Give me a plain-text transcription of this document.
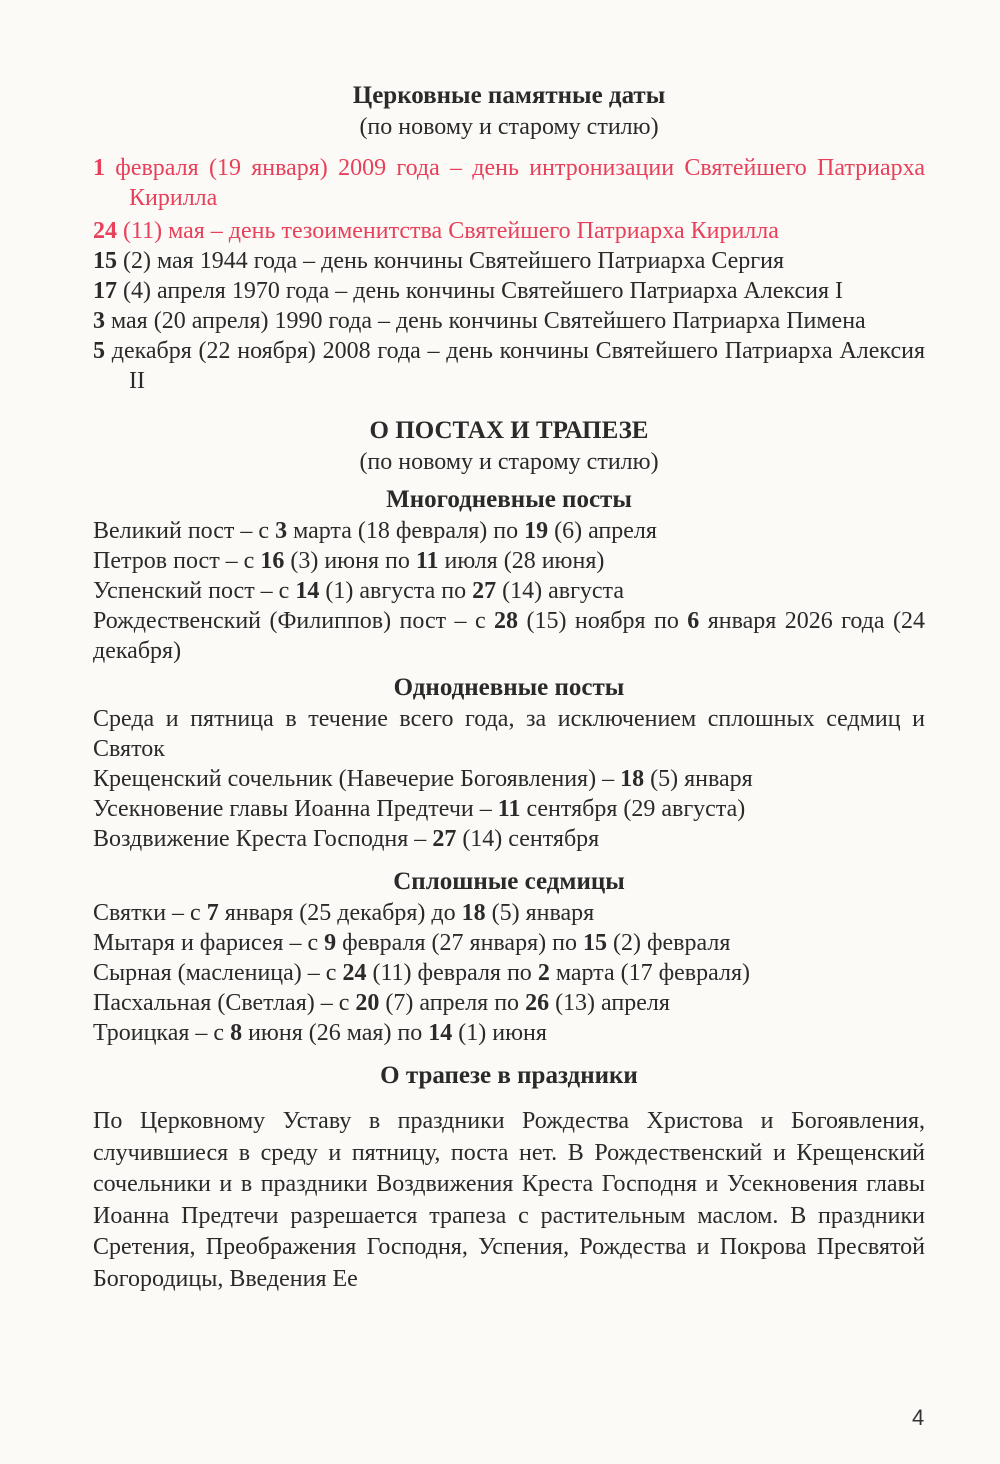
Церковные памятные даты
(по новому и старому стилю)

1 февраля (19 января) 2009 года – день интронизации Святейшего Патриарха Кирилла

24 (11) мая – день тезоименитства Святейшего Патриарха Кирилла

15 (2) мая 1944 года – день кончины Святейшего Патриарха Сергия

17 (4) апреля 1970 года – день кончины Святейшего Патриарха Алексия I

3 мая (20 апреля) 1990 года – день кончины Святейшего Патриарха Пимена

5 декабря (22 ноября) 2008 года – день кончины Святейшего Патриарха Алексия II

О ПОСТАХ И ТРАПЕЗЕ
(по новому и старому стилю)
Многодневные посты

Великий пост – с 3 марта (18 февраля) по 19 (6) апреля

Петров пост – с 16 (3) июня по 11 июля (28 июня)

Успенский пост – с 14 (1) августа по 27 (14) августа

Рождественский (Филиппов) пост – с 28 (15) ноября по 6 января 2026 года (24 декабря)

Однодневные посты

Среда и пятница в течение всего года, за исключением сплошных седмиц и Святок

Крещенский сочельник (Навечерие Богоявления) – 18 (5) января

Усекновение главы Иоанна Предтечи – 11 сентября (29 августа)

Воздвижение Креста Господня – 27 (14) сентября

Сплошные седмицы

Святки – с 7 января (25 декабря) до 18 (5) января

Мытаря и фарисея – с 9 февраля (27 января) по 15 (2) февраля

Сырная (масленица) – с 24 (11) февраля по 2 марта (17 февраля)

Пасхальная (Светлая) – с 20 (7) апреля по 26 (13) апреля

Троицкая – с 8 июня (26 мая) по 14 (1) июня

О трапезе в праздники

По Церковному Уставу в праздники Рождества Христова и Богоявления, случившиеся в среду и пятницу, поста нет. В Рождественский и Крещенский сочельники и в праздники Воздвижения Креста Господня и Усекновения главы Иоанна Предтечи разрешается трапеза с растительным маслом. В праздники Сретения, Преображения Господня, Успения, Рождества и Покрова Пресвятой Богородицы, Введения Ее

4
